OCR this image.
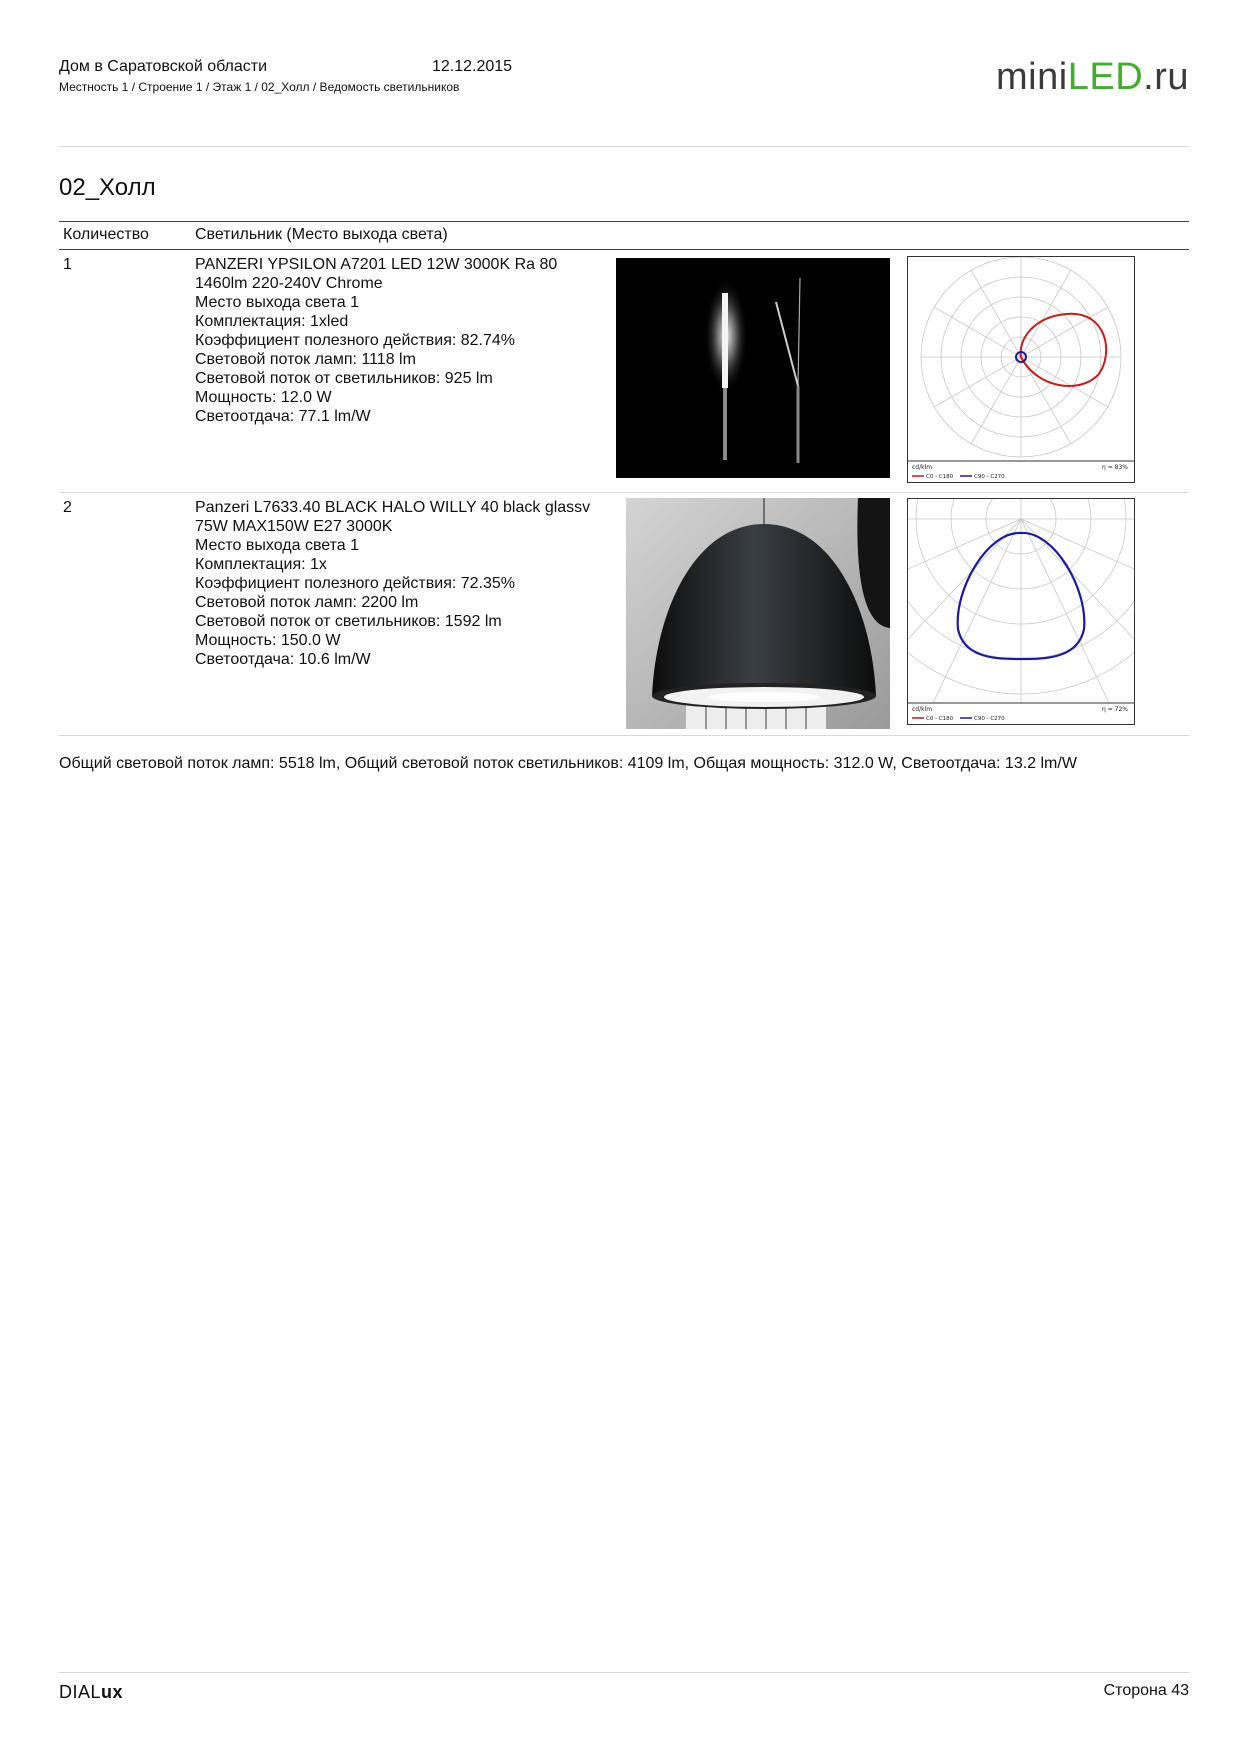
Дом в Саратовской области	12.12.2015
Местность 1 / Строение 1 / Этаж 1 / 02_Холл / Ведомость светильников	miniLED.ru
02_Холл
Количество	Светильник (Место выхода света)
1	PANZERI YPSILON A7201 LED 12W 3000K Ra 80
1460lm 220-240V Chrome
Место выхода света 1
Комплектация: 1xled
Коэффициент полезного действия: 82.74%
Световой поток ламп: 1118 lm
Световой поток от светильников: 925 lm
Мощность: 12.0 W
Светоотдача: 77.1 lm/W
cd/klm	η = 83%
C0 - C180	C90 - C270
2	Panzeri L7633.40 BLACK HALO WILLY 40 black glassv
75W MAX150W E27 3000K
Место выхода света 1
Комплектация: 1x
Коэффициент полезного действия: 72.35%
Световой поток ламп: 2200 lm
Световой поток от светильников: 1592 lm
Мощность: 150.0 W
Светоотдача: 10.6 lm/W
cd/klm	η = 72%
C0 - C180	C90 - C270
Общий световой поток ламп: 5518 lm, Общий световой поток светильников: 4109 lm, Общая мощность: 312.0 W, Светоотдача: 13.2 lm/W
DIALux	Сторона 43
